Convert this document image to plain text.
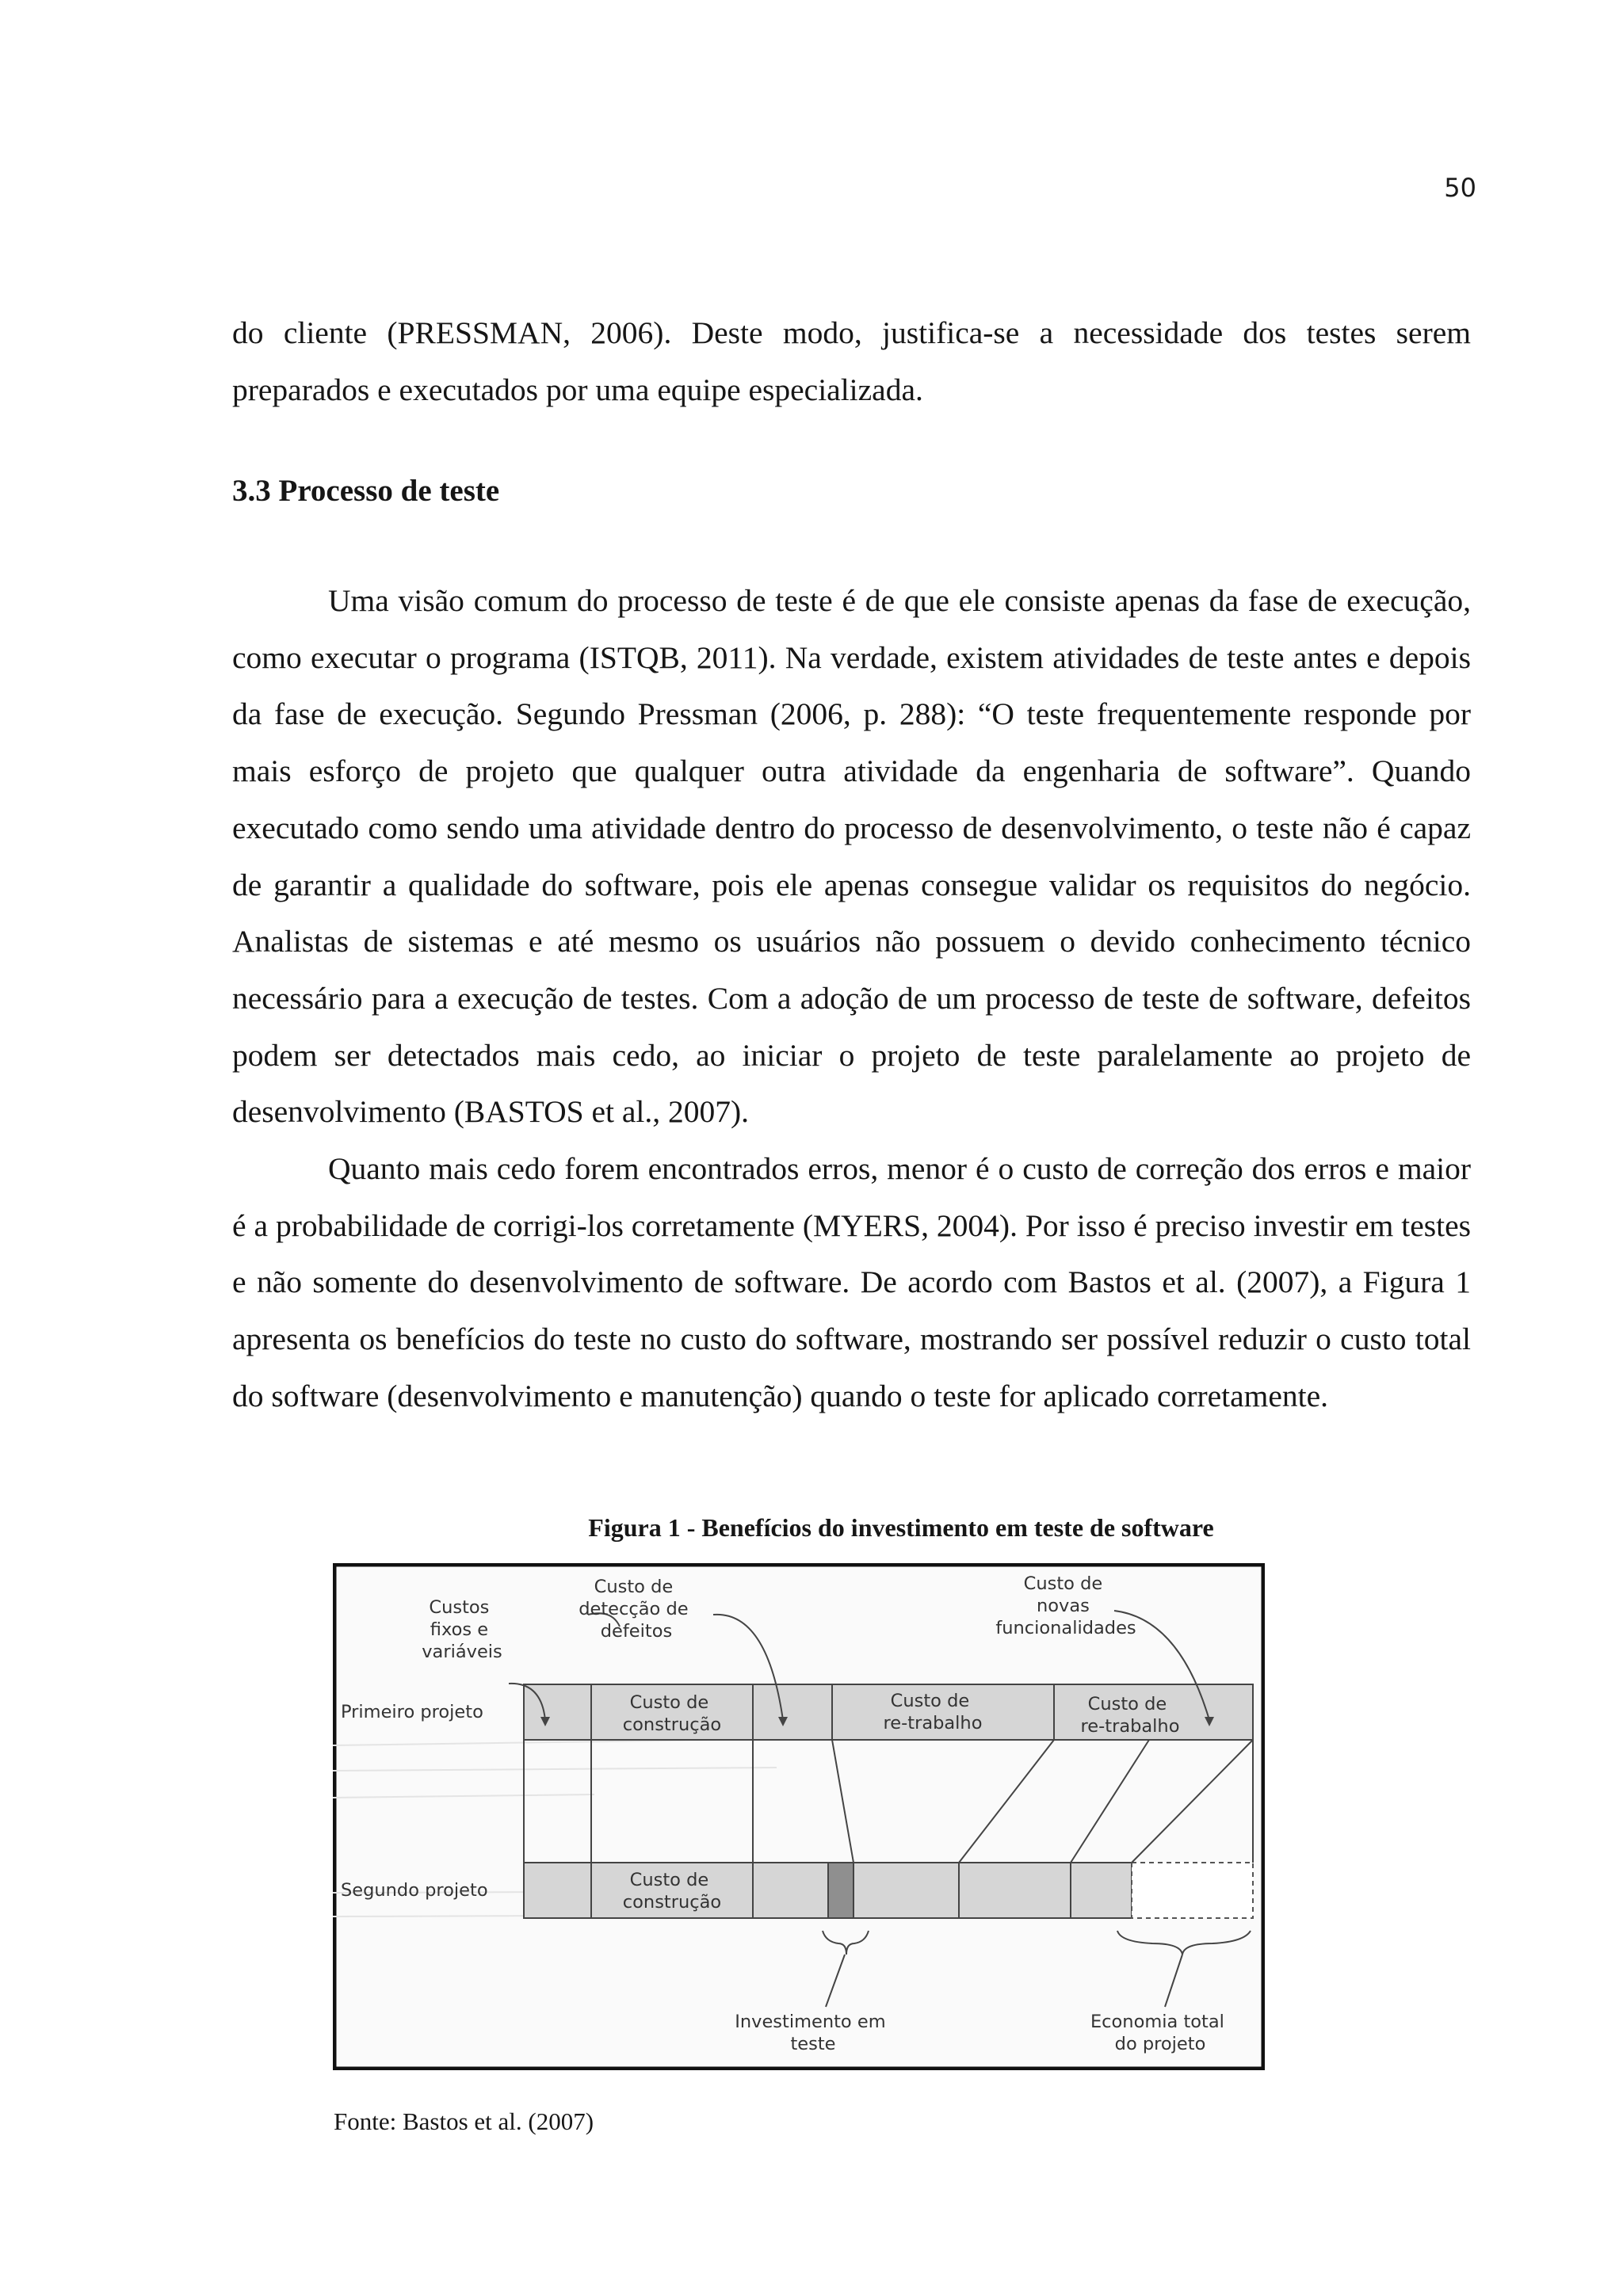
50

do cliente (PRESSMAN, 2006). Deste modo, justifica-se a necessidade dos testes serem preparados e executados por uma equipe especializada.

3.3 Processo de teste

Uma visão comum do processo de teste é de que ele consiste apenas da fase de execução, como executar o programa (ISTQB, 2011). Na verdade, existem atividades de teste antes e depois da fase de execução. Segundo Pressman (2006, p. 288): “O teste frequentemente responde por mais esforço de projeto que qualquer outra atividade da engenharia de software”. Quando executado como sendo uma atividade dentro do processo de desenvolvimento, o teste não é capaz de garantir a qualidade do software, pois ele apenas consegue validar os requisitos do negócio. Analistas de sistemas e até mesmo os usuários não possuem o devido conhecimento técnico necessário para a execução de testes. Com a adoção de um processo de teste de software, defeitos podem ser detectados mais cedo, ao iniciar o projeto de teste paralelamente ao projeto de desenvolvimento (BASTOS et al., 2007).

Quanto mais cedo forem encontrados erros, menor é o custo de correção dos erros e maior é a probabilidade de corrigi-los corretamente (MYERS, 2004). Por isso é preciso investir em testes e não somente do desenvolvimento de software. De acordo com Bastos et al. (2007), a Figura 1 apresenta os benefícios do teste no custo do software, mostrando ser possível reduzir o custo total do software (desenvolvimento e manutenção) quando o teste for aplicado corretamente.

Figura 1 - Benefícios do investimento em teste de software
Custos fixos e variáveis
Custo de detecção de defeitos
Custo de novas funcionalidades
Primeiro projeto
Segundo projeto
Custo de construção
Custo de re-trabalho
Custo de re-trabalho
Custo de construção
Investimento em teste
Economia total do projeto
Fonte: Bastos et al. (2007)
